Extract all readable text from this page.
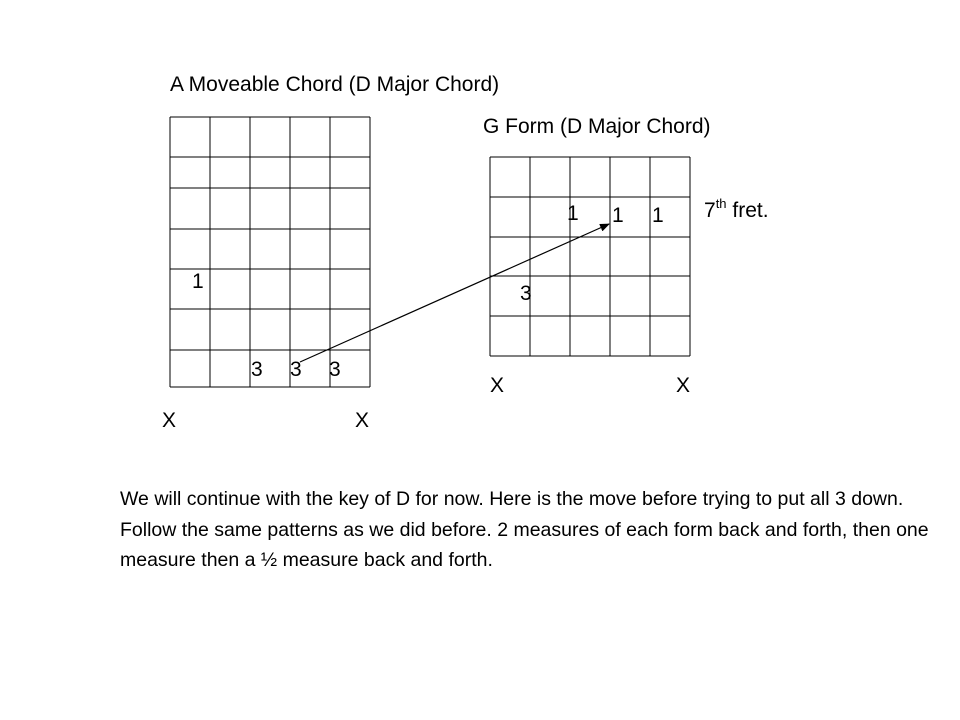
A Moveable Chord (D Major Chord)
G Form (D Major Chord)
1
3 3 3
X	X
1 1 1
3
7th fret.
X	X
We will continue with the key of D for now. Here is the move before trying to put all 3 down. Follow the same patterns as we did before. 2 measures of each form back and forth, then one measure then a ½ measure back and forth.
